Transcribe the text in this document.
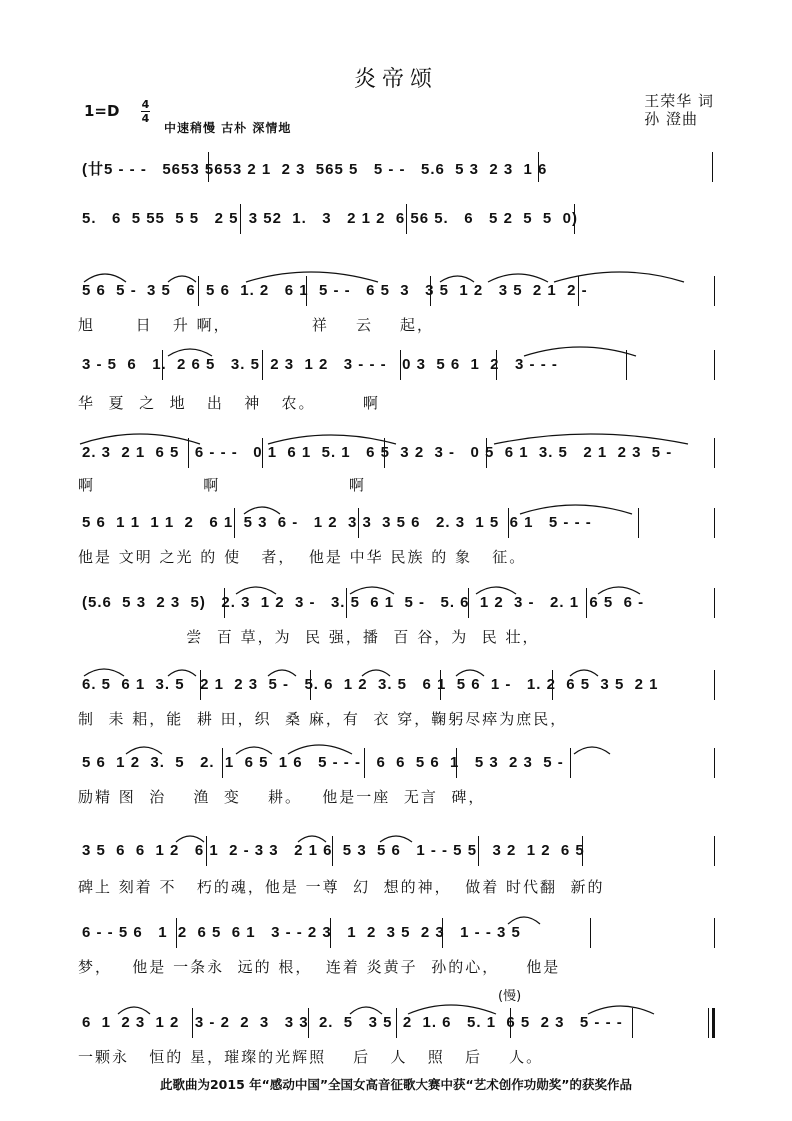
炎帝颂
王荣华 词
孙 澄曲
1=D 4
4
中速稍慢 古朴 深情地
(慢)
(廿5 - - -   5653 5653 2 1  2 3  565 5   5 - -   5.6  5 3  2 3  1 6
5.   6  5 55  5 5   2 5  3 52  1.   3   2 1 2  6 56 5.   6   5 2  5  5  0)
5 6  5 -  3 5   6  5 6  1. 2   6 1  5 - -   6 5  3   3 5  1 2   3 5  2 1  2 -
旭      日   升 啊，            祥    云    起，
3 - 5  6   1.  2 6 5   3. 5  2 3  1 2   3 - - -   0 3  5 6  1  2   3 - - -
华  夏  之  地   出   神   农。       啊
2. 3  2 1  6 5   6 - - -   0 1  6 1  5. 1   6 5  3 2  3 -   0 5  6 1  3. 5   2 1  2 3  5 -
啊                啊                   啊
5 6  1 1  1 1  2   6 1  5 3  6 -   1 2  3 3  3 5 6   2. 3  1 5  6 1   5 - - -
他是 文明 之光 的 使   者，  他是 中华 民族 的 象   征。
(5.6  5 3  2 3  5)   2. 3  1 2  3 -   3. 5  6 1  5 -   5. 6  1 2  3 -   2. 1  6 5  6 -
尝  百 草，为  民 强，播  百 谷，为  民 壮，
6. 5  6 1  3. 5   2 1  2 3  5 -   5. 6  1 2  3. 5   6 1  5 6  1 -   1. 2  6 5  3 5  2 1
制  耒 耜，能  耕 田，织  桑 麻，有  衣 穿，鞠躬尽瘁为庶民，
5 6  1 2  3.  5   2.  1  6 5  1 6   5 - - -   6  6  5 6  1   5 3  2 3  5 -
励精 图  治    渔  变    耕。   他是一座  无言  碑，
3 5  6  6  1 2   6 1  2 - 3 3   2 1 6  5 3  5 6   1 - - 5 5   3 2  1 2  6 5
碑上 刻着 不   朽的魂，他是 一尊  幻  想的神，  做着 时代翻  新的
6 - - 5 6   1  2  6 5  6 1   3 - - 2 3   1  2  3 5  2 3   1 - - 3 5
梦，   他是 一条永  远的 根，  连着 炎黄子  孙的心，    他是
6  1  2 3  1 2   3 - 2  2  3   3 3  2.  5   3 5  2  1. 6   5. 1  6 5  2 3   5 - - -
一颗永   恒的 星，璀璨的光辉照    后   人   照   后    人。
此歌曲为2015 年“感动中国”全国女高音征歌大赛中获“艺术创作功勋奖”的获奖作品
